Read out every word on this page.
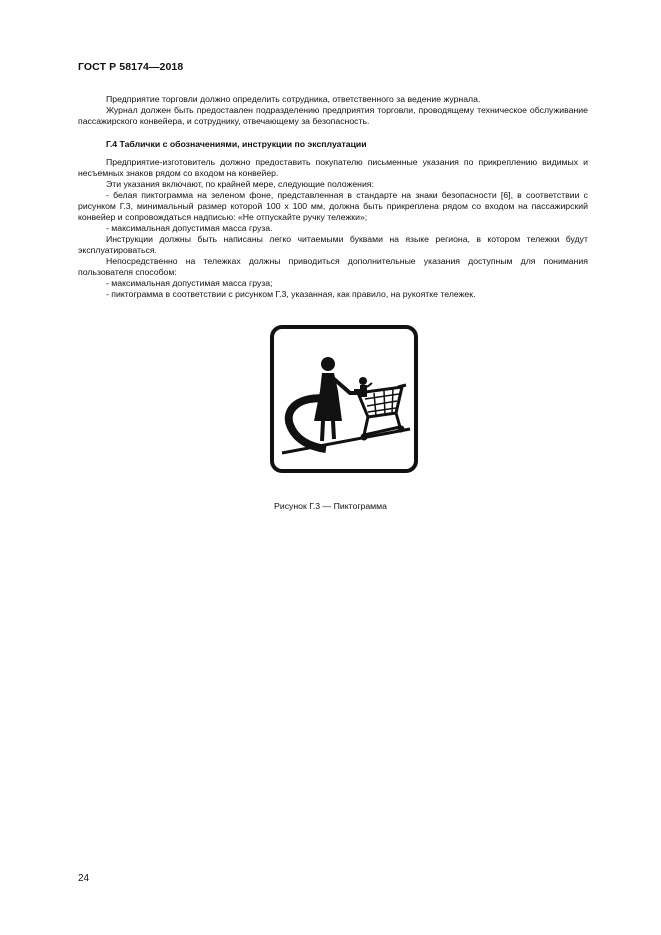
ГОСТ Р 58174—2018

Предприятие торговли должно определить сотрудника, ответственного за ведение журнала.

Журнал должен быть предоставлен подразделению предприятия торговли, проводящему техническое обслуживание пассажирского конвейера, и сотруднику, отвечающему за безопасность.

Г.4 Таблички с обозначениями, инструкции по эксплуатации

Предприятие-изготовитель должно предоставить покупателю письменные указания по прикреплению видимых и несъемных знаков рядом со входом на конвейер.

Эти указания включают, по крайней мере, следующие положения:

- белая пиктограмма на зеленом фоне, представленная в стандарте на знаки безопасности [6], в соответствии с рисунком Г.3, минимальный размер которой 100 х 100 мм, должна быть прикреплена рядом со входом на пассажирский конвейер и сопровождаться надписью: «Не отпускайте ручку тележки»;

- максимальная допустимая масса груза.

Инструкции должны быть написаны легко читаемыми буквами на языке региона, в котором тележки будут эксплуатироваться.

Непосредственно на тележках должны приводиться дополнительные указания доступным для понимания пользователя способом:

- максимальная допустимая масса груза;

- пиктограмма в соответствии с рисунком Г.3, указанная, как правило, на рукоятке тележек.

Рисунок Г.3 — Пиктограмма
24
